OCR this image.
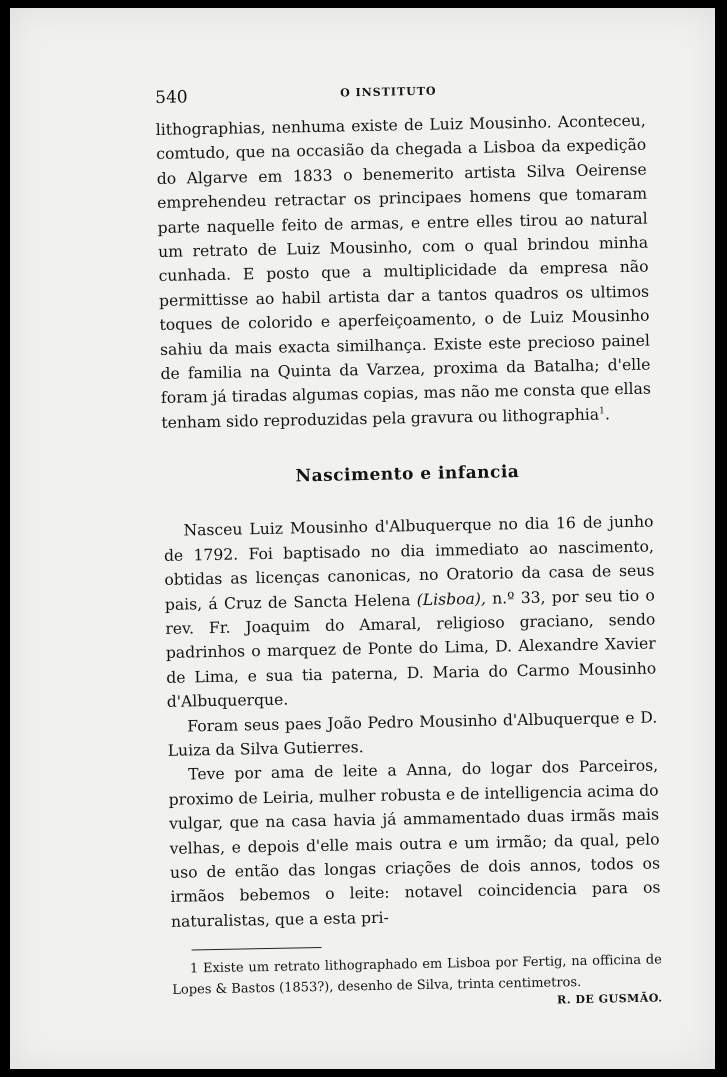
540	O INSTITUTO

lithographias, nenhuma existe de Luiz Mousinho. Aconteceu, comtudo, que na occasião da chegada a Lisboa da expedição do Algarve em 1833 o benemerito artista Silva Oeirense emprehendeu retractar os principaes homens que tomaram parte naquelle feito de armas, e entre elles tirou ao natural um retrato de Luiz Mousinho, com o qual brindou minha cunhada. E posto que a multiplicidade da empresa não permittisse ao habil artista dar a tantos quadros os ultimos toques de colorido e aperfeiçoamento, o de Luiz Mousinho sahiu da mais exacta similhança. Existe este precioso painel de familia na Quinta da Varzea, proxima da Batalha; d'elle foram já tiradas algumas copias, mas não me consta que ellas tenham sido reproduzidas pela gravura ou lithographia$^1$.

Nascimento e infancia

Nasceu Luiz Mousinho d'Albuquerque no dia 16 de junho de 1792. Foi baptisado no dia immediato ao nascimento, obtidas as licenças canonicas, no Oratorio da casa de seus pais, á Cruz de Sancta Helena (Lisboa), n.º 33, por seu tio o rev. Fr. Joaquim do Amaral, religioso graciano, sendo padrinhos o marquez de Ponte do Lima, D. Alexandre Xavier de Lima, e sua tia paterna, D. Maria do Carmo Mousinho d'Albuquerque.

Foram seus paes João Pedro Mousinho d'Albuquerque e D. Luiza da Silva Gutierres.

Teve por ama de leite a Anna, do logar dos Parceiros, proximo de Leiria, mulher robusta e de intelligencia acima do vulgar, que na casa havia já ammamentado duas irmãs mais velhas, e depois d'elle mais outra e um irmão; da qual, pelo uso de então das longas criações de dois annos, todos os irmãos bebemos o leite: notavel coincidencia para os naturalistas, que a esta pri-

1 Existe um retrato lithographado em Lisboa por Fertig, na officina de Lopes & Bastos (1853?), desenho de Silva, trinta centimetros.
R. DE GUSMÃO.
